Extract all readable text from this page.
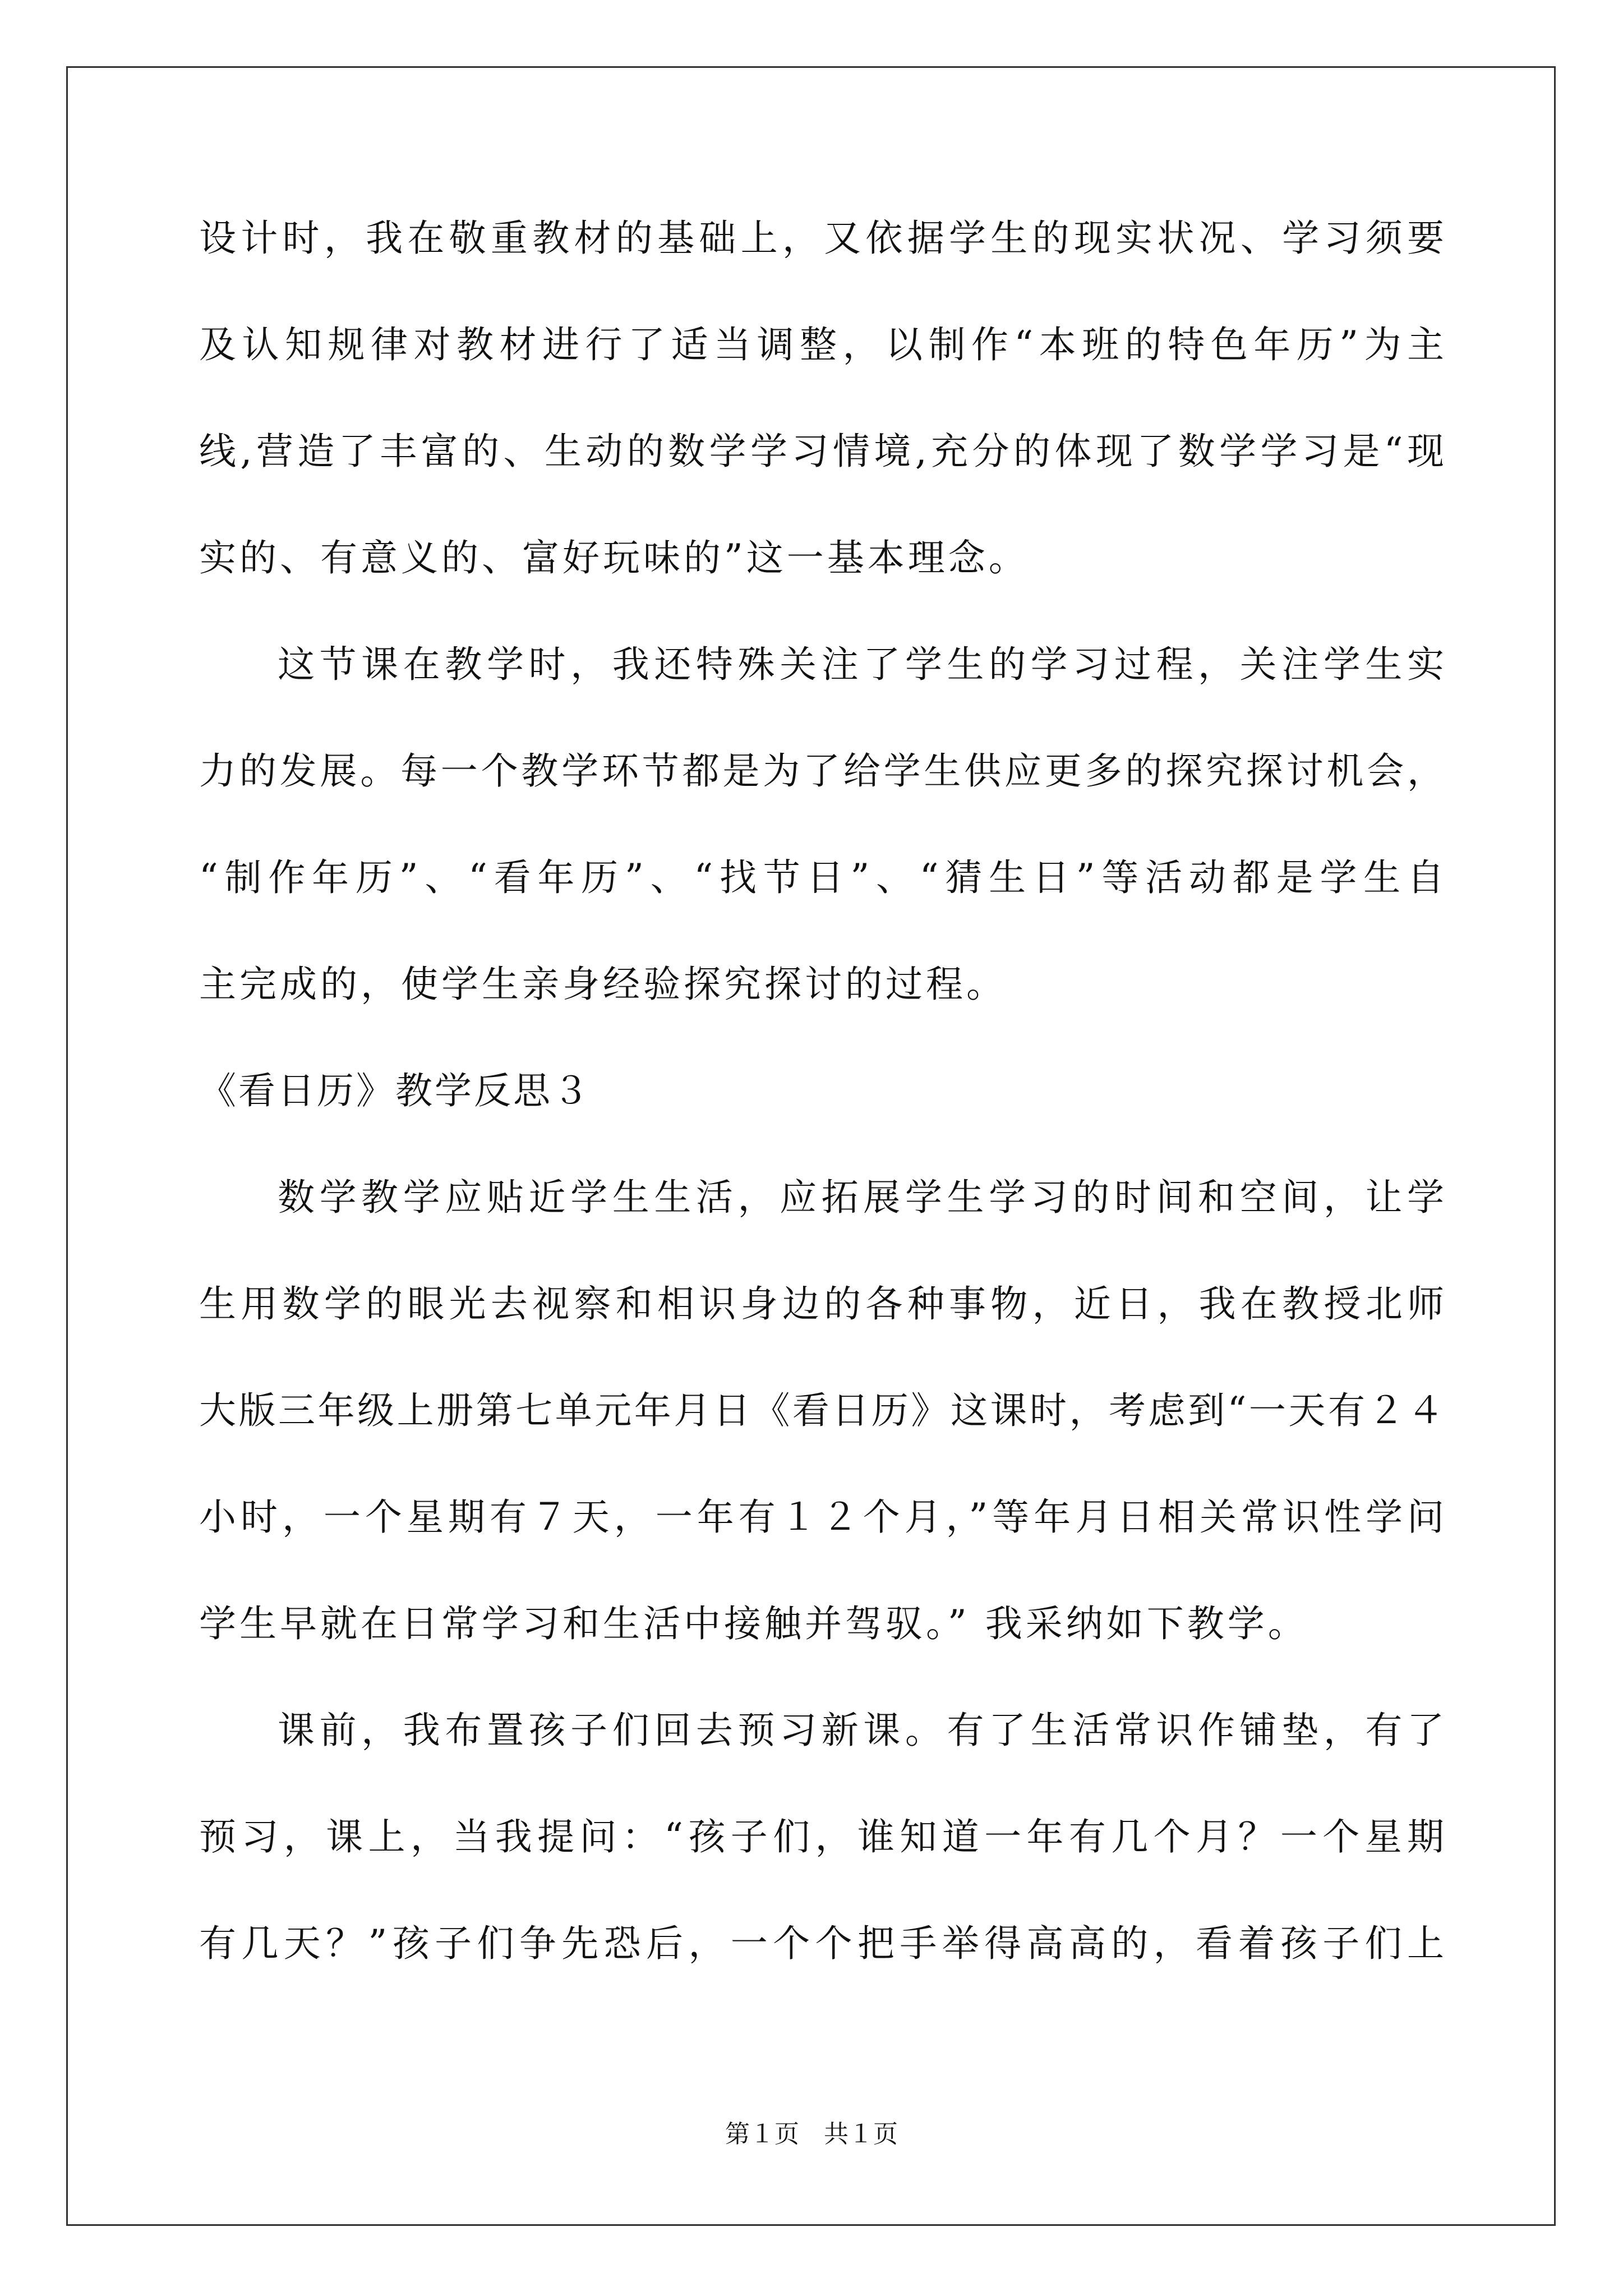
设计时，我在敬重教材的基础上，又依据学生的现实状况、学习须要
及认知规律对教材进行了适当调整，以制作“本班的特色年历”为主
线,营造了丰富的、生动的数学学习情境,充分的体现了数学学习是“现
实的、有意义的、富好玩味的”这一基本理念。
这节课在教学时，我还特殊关注了学生的学习过程，关注学生实
力的发展。每一个教学环节都是为了给学生供应更多的探究探讨机会，
“制作年历”、“看年历”、“找节日”、“猜生日”等活动都是学生自
主完成的，使学生亲身经验探究探讨的过程。
《看日历》教学反思３
数学教学应贴近学生生活，应拓展学生学习的时间和空间，让学
生用数学的眼光去视察和相识身边的各种事物，近日，我在教授北师
大版三年级上册第七单元年月日《看日历》这课时，考虑到“一天有２４
小时，一个星期有７天，一年有１２个月，”等年月日相关常识性学问
学生早就在日常学习和生活中接触并驾驭。” 我采纳如下教学。
课前，我布置孩子们回去预习新课。有了生活常识作铺垫，有了
预习，课上，当我提问：“孩子们，谁知道一年有几个月？一个星期
有几天？”孩子们争先恐后，一个个把手举得高高的，看着孩子们上
第１页　共１页
